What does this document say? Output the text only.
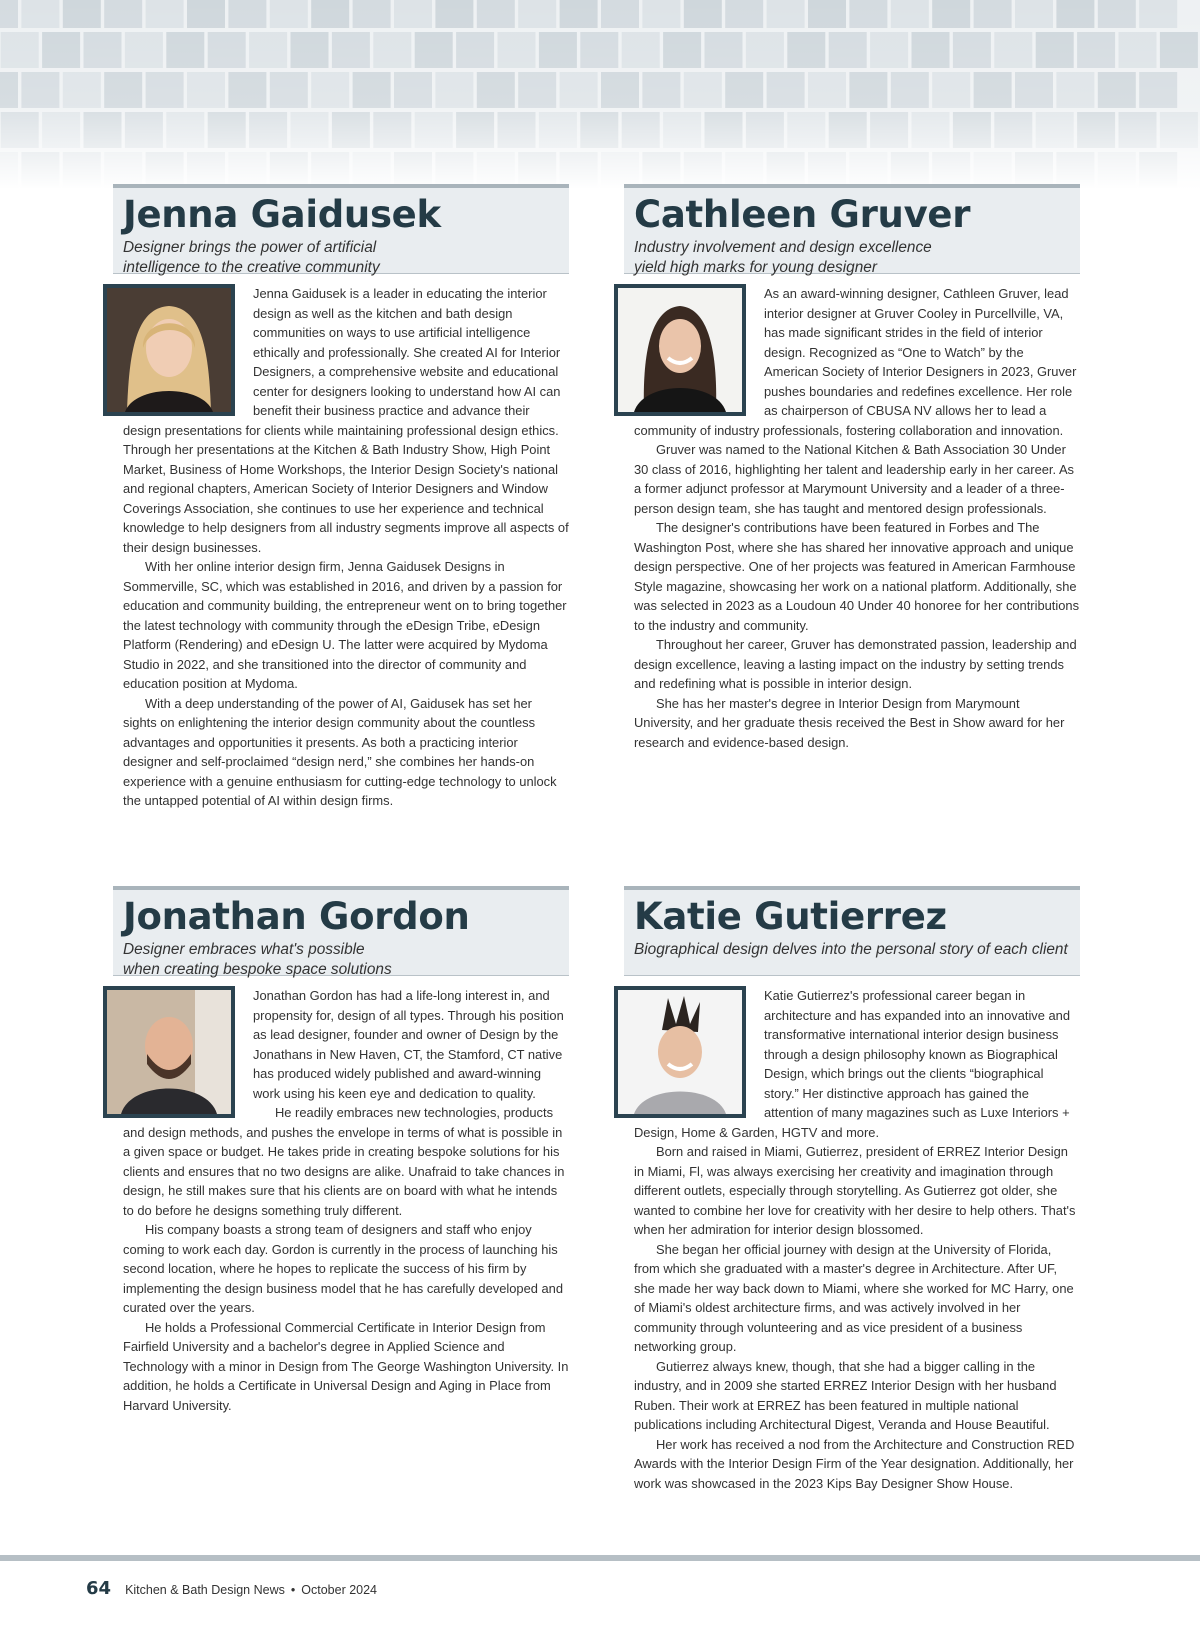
Jenna Gaidusek
Designer brings the power of artificial intelligence to the creative community

Jenna Gaidusek is a leader in educating the interior design as well as the kitchen and bath design communities on ways to use artificial intelligence ethically and professionally. She created AI for Interior Designers, a comprehensive website and educational center for designers looking to understand how AI can benefit their business practice and advance their design presentations for clients while maintaining professional design ethics. Through her presentations at the Kitchen & Bath Industry Show, High Point Market, Business of Home Workshops, the Interior Design Society's national and regional chapters, American Society of Interior Designers and Window Coverings Association, she continues to use her experience and technical knowledge to help designers from all industry segments improve all aspects of their design businesses.

With her online interior design firm, Jenna Gaidusek Designs in Sommerville, SC, which was established in 2016, and driven by a passion for education and community building, the entrepreneur went on to bring together the latest technology with community through the eDesign Tribe, eDesign Platform (Rendering) and eDesign U. The latter were acquired by Mydoma Studio in 2022, and she transitioned into the director of community and education position at Mydoma.

With a deep understanding of the power of AI, Gaidusek has set her sights on enlightening the interior design community about the countless advantages and opportunities it presents. As both a practicing interior designer and self-proclaimed “design nerd,” she combines her hands-on experience with a genuine enthusiasm for cutting-edge technology to unlock the untapped potential of AI within design firms.

Cathleen Gruver
Industry involvement and design excellence yield high marks for young designer

As an award-winning designer, Cathleen Gruver, lead interior designer at Gruver Cooley in Purcellville, VA, has made significant strides in the field of interior design. Recognized as “One to Watch” by the American Society of Interior Designers in 2023, Gruver pushes boundaries and redefines excellence. Her role as chairperson of CBUSA NV allows her to lead a community of industry professionals, fostering collaboration and innovation.

Gruver was named to the National Kitchen & Bath Association 30 Under 30 class of 2016, highlighting her talent and leadership early in her career. As a former adjunct professor at Marymount University and a leader of a three-person design team, she has taught and mentored design professionals.

The designer's contributions have been featured in Forbes and The Washington Post, where she has shared her innovative approach and unique design perspective. One of her projects was featured in American Farmhouse Style magazine, showcasing her work on a national platform. Additionally, she was selected in 2023 as a Loudoun 40 Under 40 honoree for her contributions to the industry and community.

Throughout her career, Gruver has demonstrated passion, leadership and design excellence, leaving a lasting impact on the industry by setting trends and redefining what is possible in interior design.

She has her master's degree in Interior Design from Marymount University, and her graduate thesis received the Best in Show award for her research and evidence-based design.

Jonathan Gordon
Designer embraces what's possible when creating bespoke space solutions

Jonathan Gordon has had a life-long interest in, and propensity for, design of all types. Through his position as lead designer, founder and owner of Design by the Jonathans in New Haven, CT, the Stamford, CT native has produced widely published and award-winning work using his keen eye and dedication to quality.

He readily embraces new technologies, products and design methods, and pushes the envelope in terms of what is possible in a given space or budget. He takes pride in creating bespoke solutions for his clients and ensures that no two designs are alike. Unafraid to take chances in design, he still makes sure that his clients are on board with what he intends to do before he designs something truly different.

His company boasts a strong team of designers and staff who enjoy coming to work each day. Gordon is currently in the process of launching his second location, where he hopes to replicate the success of his firm by implementing the design business model that he has carefully developed and curated over the years.

He holds a Professional Commercial Certificate in Interior Design from Fairfield University and a bachelor's degree in Applied Science and Technology with a minor in Design from The George Washington University. In addition, he holds a Certificate in Universal Design and Aging in Place from Harvard University.

Katie Gutierrez
Biographical design delves into the personal story of each client

Katie Gutierrez's professional career began in architecture and has expanded into an innovative and transformative international interior design business through a design philosophy known as Biographical Design, which brings out the clients “biographical story.” Her distinctive approach has gained the attention of many magazines such as Luxe Interiors + Design, Home & Garden, HGTV and more.

Born and raised in Miami, Gutierrez, president of ERREZ Interior Design in Miami, Fl, was always exercising her creativity and imagination through different outlets, especially through storytelling. As Gutierrez got older, she wanted to combine her love for creativity with her desire to help others. That's when her admiration for interior design blossomed.

She began her official journey with design at the University of Florida, from which she graduated with a master's degree in Architecture. After UF, she made her way back down to Miami, where she worked for MC Harry, one of Miami's oldest architecture firms, and was actively involved in her community through volunteering and as vice president of a business networking group.

Gutierrez always knew, though, that she had a bigger calling in the industry, and in 2009 she started ERREZ Interior Design with her husband Ruben. Their work at ERREZ has been featured in multiple national publications including Architectural Digest, Veranda and House Beautiful.

Her work has received a nod from the Architecture and Construction RED Awards with the Interior Design Firm of the Year designation. Additionally, her work was showcased in the 2023 Kips Bay Designer Show House.

64 Kitchen & Bath Design News • October 2024
